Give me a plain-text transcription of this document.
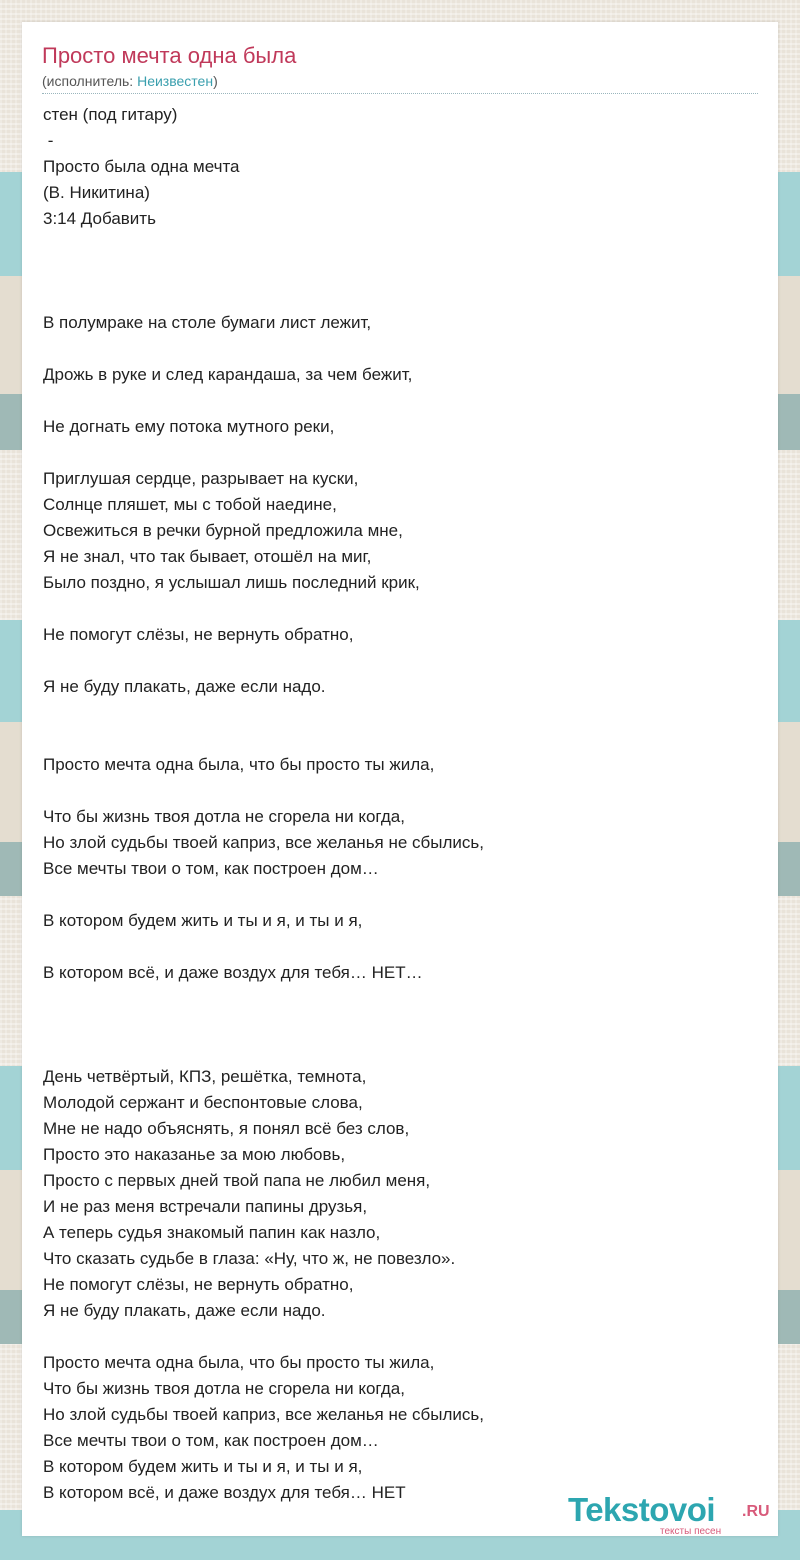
Просто мечта одна была
(исполнитель: Неизвестен)
стен (под гитару)
-
Просто была одна мечта
(В. Никитина)
3:14 Добавить
В полумраке на столе бумаги лист лежит,
Дрожь в руке и след карандаша, за чем бежит,
Не догнать ему потока мутного реки,
Приглушая сердце, разрывает на куски,
Солнце пляшет, мы с тобой наедине,
Освежиться в речки бурной предложила мне,
Я не знал, что так бывает, отошёл на миг,
Было поздно, я услышал лишь последний крик,
Не помогут слёзы, не вернуть обратно,
Я не буду плакать, даже если надо.
Просто мечта одна была, что бы просто ты жила,
Что бы жизнь твоя дотла не сгорела ни когда,
Но злой судьбы твоей каприз, все желанья не сбылись,
Все мечты твои о том, как построен дом…
В котором будем жить и ты и я, и ты и я,
В котором всё, и даже воздух для тебя… НЕТ…
День четвёртый, КПЗ, решётка, темнота,
Молодой сержант и беспонтовые слова,
Мне не надо объяснять, я понял всё без слов,
Просто это наказанье за мою любовь,
Просто с первых дней твой папа не любил меня,
И не раз меня встречали папины друзья,
А теперь судья знакомый папин как назло,
Что сказать судьбе в глаза: «Ну, что ж, не повезло».
Не помогут слёзы, не вернуть обратно,
Я не буду плакать, даже если надо.
Просто мечта одна была, что бы просто ты жила,
Что бы жизнь твоя дотла не сгорела ни когда,
Но злой судьбы твоей каприз, все желанья не сбылись,
Все мечты твои о том, как построен дом…
В котором будем жить и ты и я, и ты и я,
В котором всё, и даже воздух для тебя… НЕТ	Tekstovoi .RU
тексты песен
